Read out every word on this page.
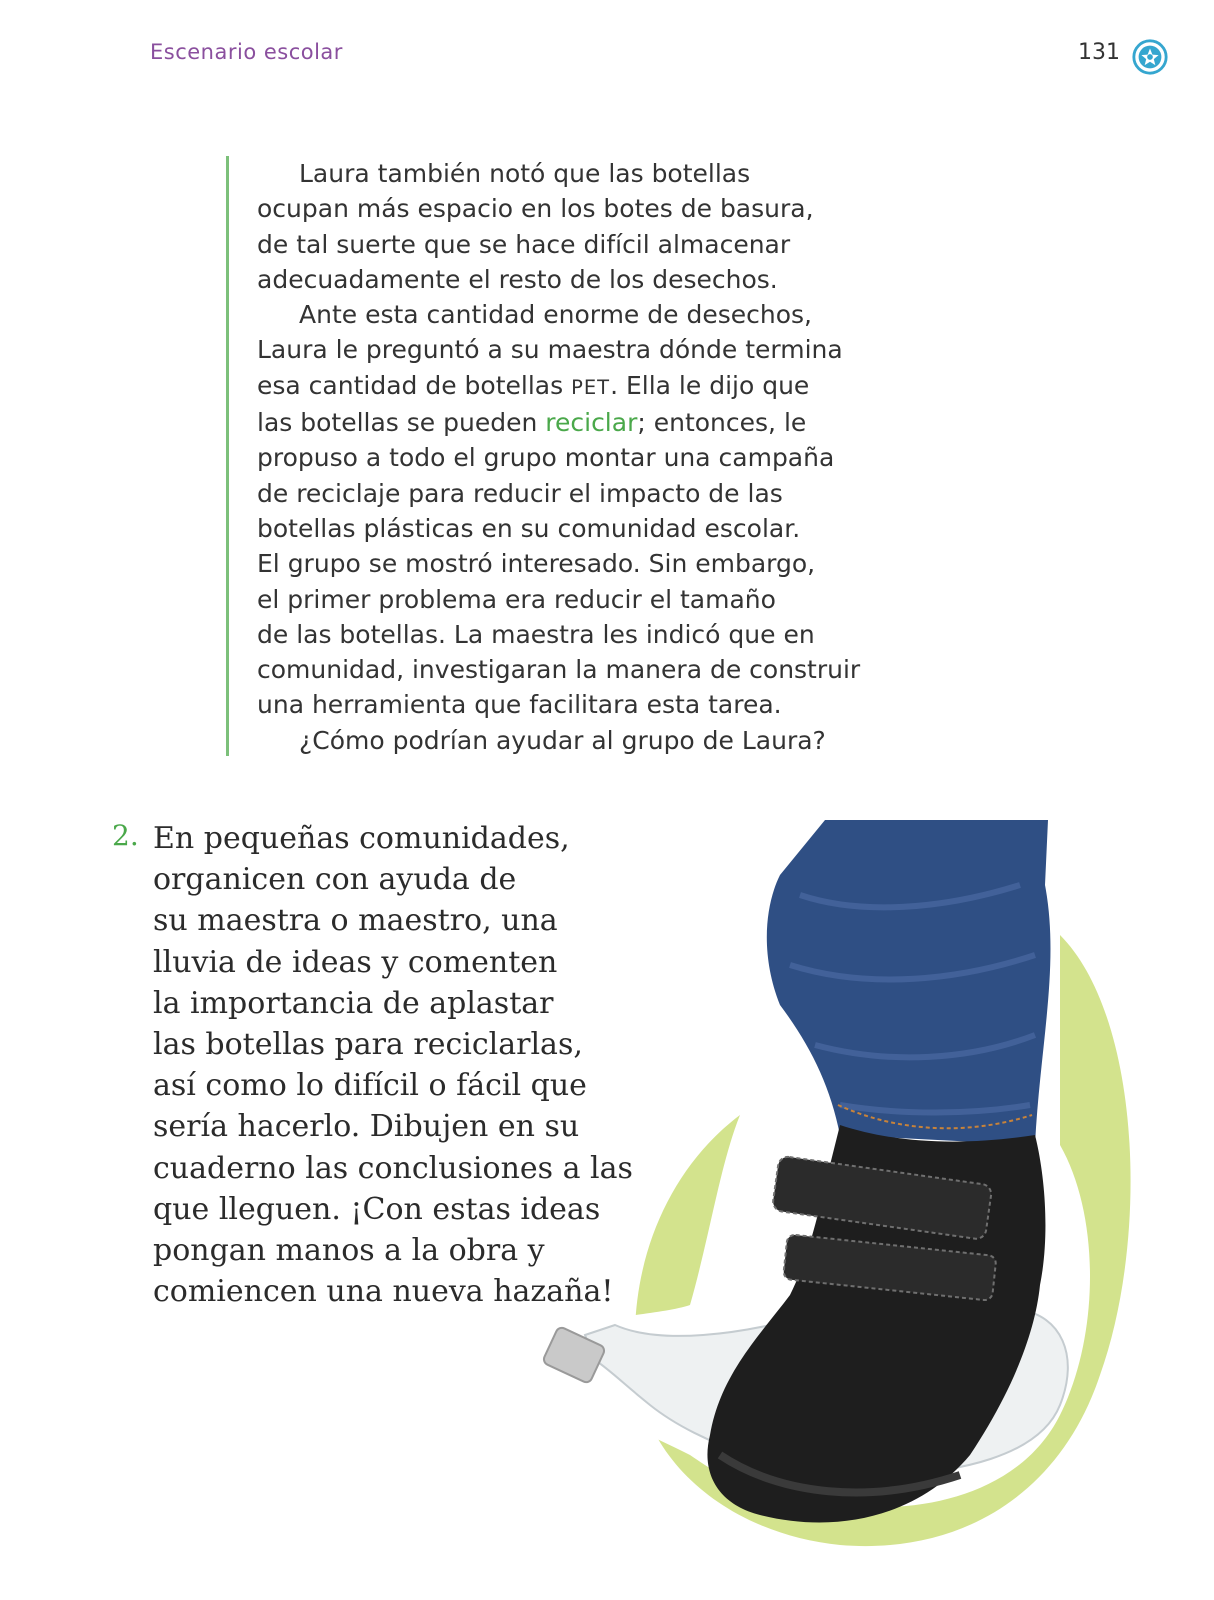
Escenario escolar	131
Laura también notó que las botellas
ocupan más espacio en los botes de basura,
de tal suerte que se hace difícil almacenar
adecuadamente el resto de los desechos.
Ante esta cantidad enorme de desechos,
Laura le preguntó a su maestra dónde termina
esa cantidad de botellas PET. Ella le dijo que
las botellas se pueden reciclar; entonces, le
propuso a todo el grupo montar una campaña
de reciclaje para reducir el impacto de las
botellas plásticas en su comunidad escolar.
El grupo se mostró interesado. Sin embargo,
el primer problema era reducir el tamaño
de las botellas. La maestra les indicó que en
comunidad, investigaran la manera de construir
una herramienta que facilitara esta tarea.
¿Cómo podrían ayudar al grupo de Laura?
2. En pequeñas comunidades,
organicen con ayuda de
su maestra o maestro, una
lluvia de ideas y comenten
la importancia de aplastar
las botellas para reciclarlas,
así como lo difícil o fácil que
sería hacerlo. Dibujen en su
cuaderno las conclusiones a las
que lleguen. ¡Con estas ideas
pongan manos a la obra y
comiencen una nueva hazaña!
